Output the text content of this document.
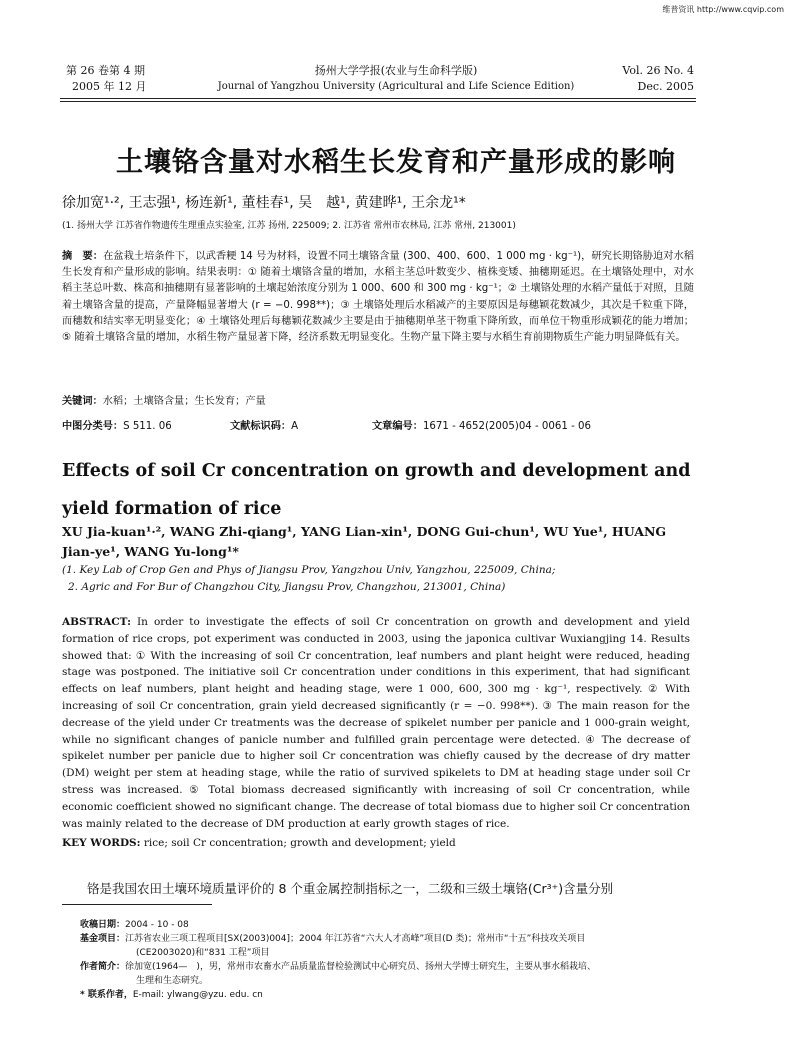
维普资讯 http://www.cqvip.com
第 26 卷第 4 期
2005 年 12 月
扬州大学学报(农业与生命科学版)
Journal of Yangzhou University (Agricultural and Life Science Edition)
Vol. 26 No. 4
Dec. 2005
土壤铬含量对水稻生长发育和产量形成的影响
徐加宽¹·², 王志强¹, 杨连新¹, 董桂春¹, 吴　越¹, 黄建晔¹, 王余龙¹*
(1. 扬州大学 江苏省作物遗传生理重点实验室, 江苏 扬州, 225009; 2. 江苏省 常州市农林局, 江苏 常州, 213001)
摘　要：在盆栽土培条件下，以武香粳 14 号为材料，设置不同土壤铬含量 (300、400、600、1 000 mg · kg⁻¹)，研究长期铬胁迫对水稻生长发育和产量形成的影响。结果表明：① 随着土壤铬含量的增加，水稻主茎总叶数变少、植株变矮、抽穗期延迟。在土壤铬处理中，对水稻主茎总叶数、株高和抽穗期有显著影响的土壤起始浓度分别为 1 000、600 和 300 mg · kg⁻¹；② 土壤铬处理的水稻产量低于对照，且随着土壤铬含量的提高，产量降幅显著增大 (r = −0. 998**)；③ 土壤铬处理后水稻减产的主要原因是每穗颖花数减少，其次是千粒重下降，而穗数和结实率无明显变化；④ 土壤铬处理后每穗颖花数减少主要是由于抽穗期单茎干物重下降所致，而单位干物重形成颖花的能力增加；⑤ 随着土壤铬含量的增加，水稻生物产量显著下降，经济系数无明显变化。生物产量下降主要与水稻生育前期物质生产能力明显降低有关。
关键词：水稻；土壤铬含量；生长发育；产量
中图分类号：S 511. 06	文献标识码：A	文章编号：1671 - 4652(2005)04 - 0061 - 06
Effects of soil Cr concentration on growth and development and yield formation of rice
XU Jia-kuan¹·², WANG Zhi-qiang¹, YANG Lian-xin¹, DONG Gui-chun¹, WU Yue¹, HUANG Jian-ye¹, WANG Yu-long¹*
(1. Key Lab of Crop Gen and Phys of Jiangsu Prov, Yangzhou Univ, Yangzhou, 225009, China;
2. Agric and For Bur of Changzhou City, Jiangsu Prov, Changzhou, 213001, China)
ABSTRACT: In order to investigate the effects of soil Cr concentration on growth and development and yield formation of rice crops, pot experiment was conducted in 2003, using the japonica cultivar Wuxiangjing 14. Results showed that: ① With the increasing of soil Cr concentration, leaf numbers and plant height were reduced, heading stage was postponed. The initiative soil Cr concentration under conditions in this experiment, that had significant effects on leaf numbers, plant height and heading stage, were 1 000, 600, 300 mg · kg⁻¹, respectively. ② With increasing of soil Cr concentration, grain yield decreased significantly (r = −0. 998**). ③ The main reason for the decrease of the yield under Cr treatments was the decrease of spikelet number per panicle and 1 000-grain weight, while no significant changes of panicle number and fulfilled grain percentage were detected. ④ The decrease of spikelet number per panicle due to higher soil Cr concentration was chiefly caused by the decrease of dry matter (DM) weight per stem at heading stage, while the ratio of survived spikelets to DM at heading stage under soil Cr stress was increased. ⑤ Total biomass decreased significantly with increasing of soil Cr concentration, while economic coefficient showed no significant change. The decrease of total biomass due to higher soil Cr concentration was mainly related to the decrease of DM production at early growth stages of rice.
KEY WORDS: rice; soil Cr concentration; growth and development; yield
铬是我国农田土壤环境质量评价的 8 个重金属控制指标之一，二级和三级土壤铬(Cr³⁺)含量分别
收稿日期：2004 - 10 - 08
基金项目：江苏省农业三项工程项目[SX(2003)004]；2004 年江苏省“六大人才高峰”项目(D 类)；常州市“十五”科技攻关项目
(CE2003020)和“831 工程”项目
作者简介：徐加宽(1964—　)，男，常州市农畜水产品质量监督检验测试中心研究员、扬州大学博士研究生，主要从事水稻栽培、
生理和生态研究。
* 联系作者，E-mail: ylwang@yzu. edu. cn
